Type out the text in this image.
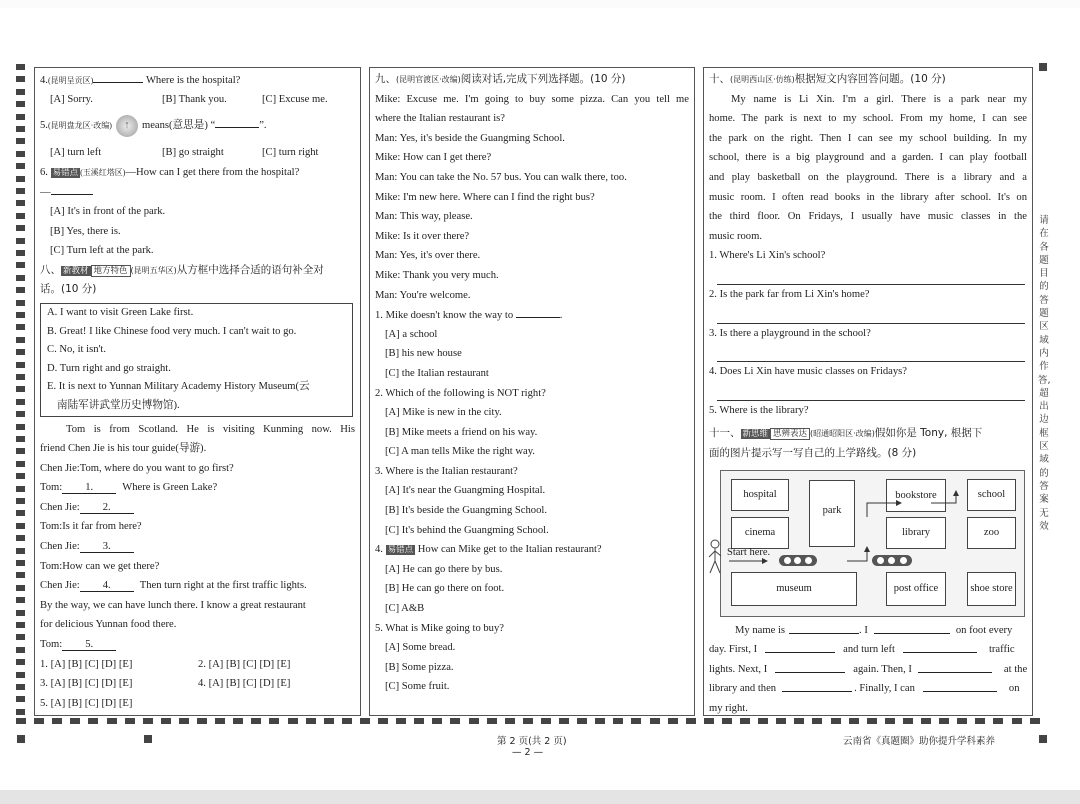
4.(昆明呈贡区)	Where is the hospital?
[A] Sorry.	[B] Thank you.	[C] Excuse me.
5.(昆明盘龙区·改编) ↑ means(意思是) “	”.
[A] turn left	[B] go straight	[C] turn right
6. 易错点 (玉溪红塔区)—How can I get there from the hospital?
—
[A] It's in front of the park.
[B] Yes, there is.
[C] Turn left at the park.
八、 新教材 地方特色 (昆明五华区)从方框中选择合适的语句补全对
话。(10 分)
A. I want to visit Green Lake first.
B. Great! I like Chinese food very much. I can't wait to go.
C. No, it isn't.
D. Turn right and go straight.
E. It is next to Yunnan Military Academy History Museum(云
南陆军讲武堂历史博物馆).
Tom is from Scotland. He is visiting Kunming now. His
friend Chen Jie is his tour guide(导游).
Chen Jie:Tom, where do you want to go first?
Tom: 1.	Where is Green Lake?
Chen Jie: 2.
Tom:Is it far from here?
Chen Jie: 3.
Tom:How can we get there?
Chen Jie: 4.	Then turn right at the first traffic lights.
By the way, we can have lunch there. I know a great restaurant
for delicious Yunnan food there.
Tom: 5.
1. [A] [B] [C] [D] [E]	2. [A] [B] [C] [D] [E]
3. [A] [B] [C] [D] [E]	4. [A] [B] [C] [D] [E]
5. [A] [B] [C] [D] [E]
九、(昆明官渡区·改编)阅读对话,完成下列选择题。(10 分)
Mike: Excuse me. I'm going to buy some pizza. Can you tell me
where the Italian restaurant is?
Man: Yes, it's beside the Guangming School.
Mike: How can I get there?
Man: You can take the No. 57 bus. You can walk there, too.
Mike: I'm new here. Where can I find the right bus?
Man: This way, please.
Mike: Is it over there?
Man: Yes, it's over there.
Mike: Thank you very much.
Man: You're welcome.
1. Mike doesn't know the way to	.
[A] a school
[B] his new house
[C] the Italian restaurant
2. Which of the following is NOT right?
[A] Mike is new in the city.
[B] Mike meets a friend on his way.
[C] A man tells Mike the right way.
3. Where is the Italian restaurant?
[A] It's near the Guangming Hospital.
[B] It's beside the Guangming School.
[C] It's behind the Guangming School.
4. 易错点 How can Mike get to the Italian restaurant?
[A] He can go there by bus.
[B] He can go there on foot.
[C] A&B
5. What is Mike going to buy?
[A] Some bread.
[B] Some pizza.
[C] Some fruit.
十、(昆明西山区·仿练)根据短文内容回答问题。(10 分)
My name is Li Xin. I'm a girl. There is a park near my
home. The park is next to my school. From my home, I can see
the park on the right. Then I can see my school building. In my
school, there is a big playground and a garden. I can play football
and play basketball on the playground. There is a library and a
music room. I often read books in the library after school. It's on
the third floor. On Fridays, I usually have music classes in the
music room.
1. Where's Li Xin's school?
2. Is the park far from Li Xin's home?
3. Is there a playground in the school?
4. Does Li Xin have music classes on Fridays?
5. Where is the library?
十一、 新思维 思辨表达 (昭通昭阳区·改编)假如你是 Tony, 根据下
面的图片提示写一写自己的上学路线。(8 分)
hospital
park
bookstore	school
cinema	library	zoo
museum	post office	shoe store
Start here.
My name is	. I	on foot every
day. First, I	and turn left	traffic
lights. Next, I	again. Then, I	at the
library and then	. Finally, I can	on
my right.
请在各题目的答题区域内作答,超出边框区域的答案无效
第 2 页(共 2 页)
— 2 —
云南省《真题圈》助你提升学科素养
